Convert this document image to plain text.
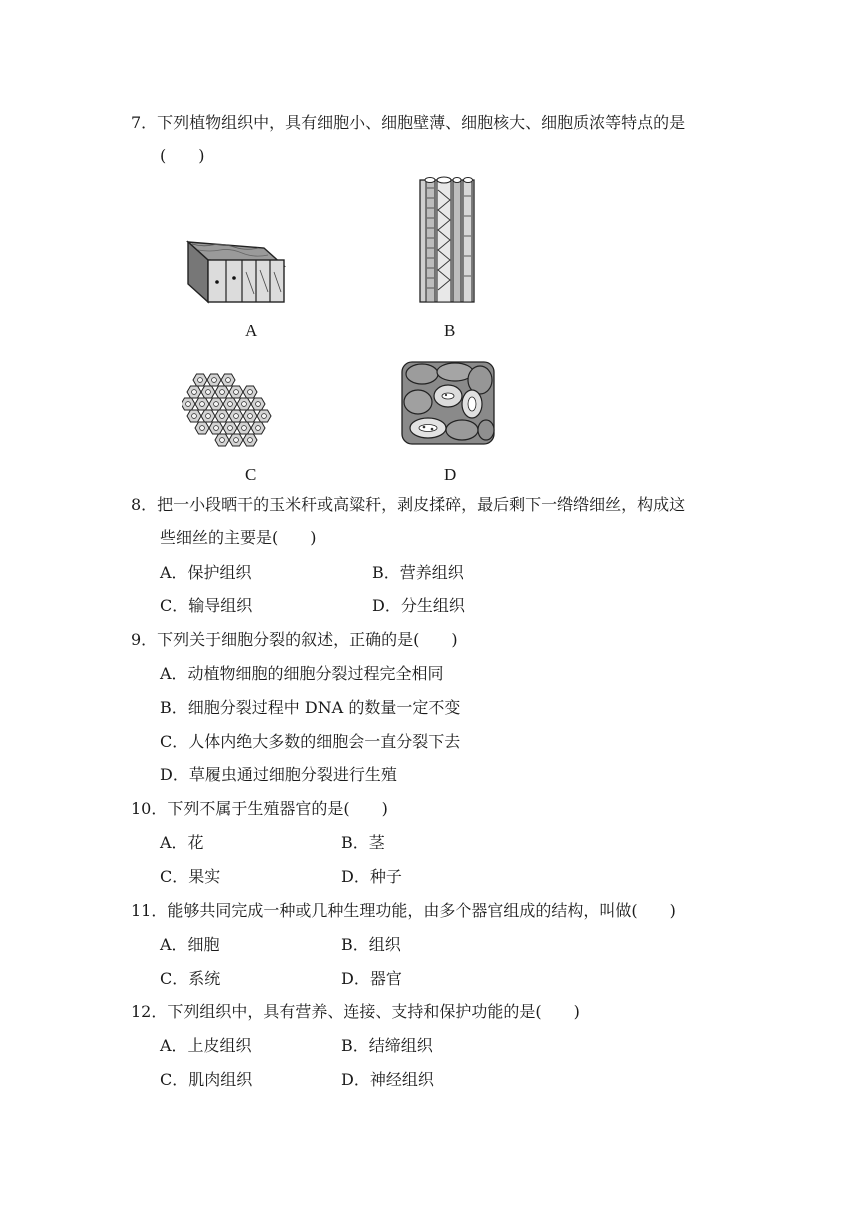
7．下列植物组织中，具有细胞小、细胞壁薄、细胞核大、细胞质浓等特点的是
(　　)
A	B
C	D
8．把一小段晒干的玉米秆或高粱秆，剥皮揉碎，最后剩下一绺绺细丝，构成这
些细丝的主要是(　　)
A．保护组织	B．营养组织
C．输导组织	D．分生组织
9．下列关于细胞分裂的叙述，正确的是(　　)
A．动植物细胞的细胞分裂过程完全相同
B．细胞分裂过程中 DNA 的数量一定不变
C．人体内绝大多数的细胞会一直分裂下去
D．草履虫通过细胞分裂进行生殖
10．下列不属于生殖器官的是(　　)
A．花	B．茎
C．果实	D．种子
11．能够共同完成一种或几种生理功能，由多个器官组成的结构，叫做(　　)
A．细胞	B．组织
C．系统	D．器官
12．下列组织中，具有营养、连接、支持和保护功能的是(　　)
A．上皮组织	B．结缔组织
C．肌肉组织	D．神经组织
